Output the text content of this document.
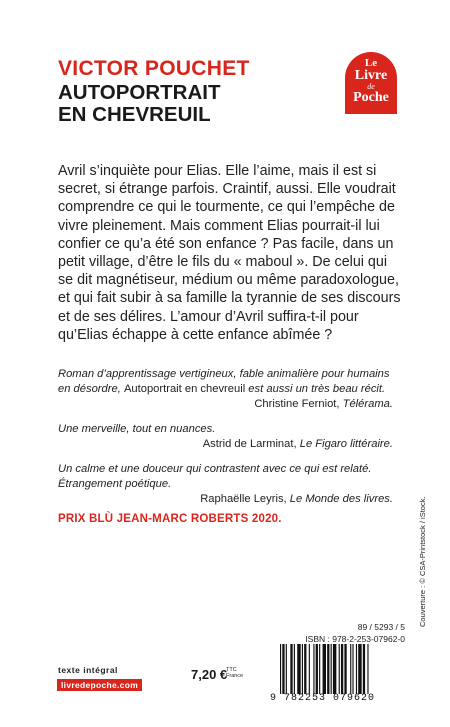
VICTOR POUCHET
AUTOPORTRAIT
EN CHEVREUIL
Le
Livre
de
Poche
Avril s’inquiète pour Elias. Elle l’aime, mais il est si secret, si étrange parfois. Craintif, aussi. Elle voudrait comprendre ce qui le tourmente, ce qui l’empêche de vivre pleinement. Mais comment Elias pourrait-il lui confier ce qu’a été son enfance ? Pas facile, dans un petit village, d’être le fils du « maboul ». De celui qui se dit magnétiseur, médium ou même paradoxologue, et qui fait subir à sa famille la tyrannie de ses discours et de ses délires. L’amour d’Avril suffira-t-il pour qu’Elias échappe à cette enfance abîmée ?
Roman d’apprentissage vertigineux, fable animalière pour humains en désordre, Autoportrait en chevreuil est aussi un très beau récit.
Christine Ferniot, Télérama.
Une merveille, tout en nuances.
Astrid de Larminat, Le Figaro littéraire.
Un calme et une douceur qui contrastent avec ce qui est relaté. Étrangement poétique.
Raphaëlle Leyris, Le Monde des livres.
PRIX BLÙ JEAN-MARC ROBERTS 2020.	Couverture : © CSA-Printstock / iStock.
texte intégral
livredepoche.com
7,20 €
TTC
France
89 / 5293 / 5
ISBN : 978-2-253-07962-0
9 782253 079620
